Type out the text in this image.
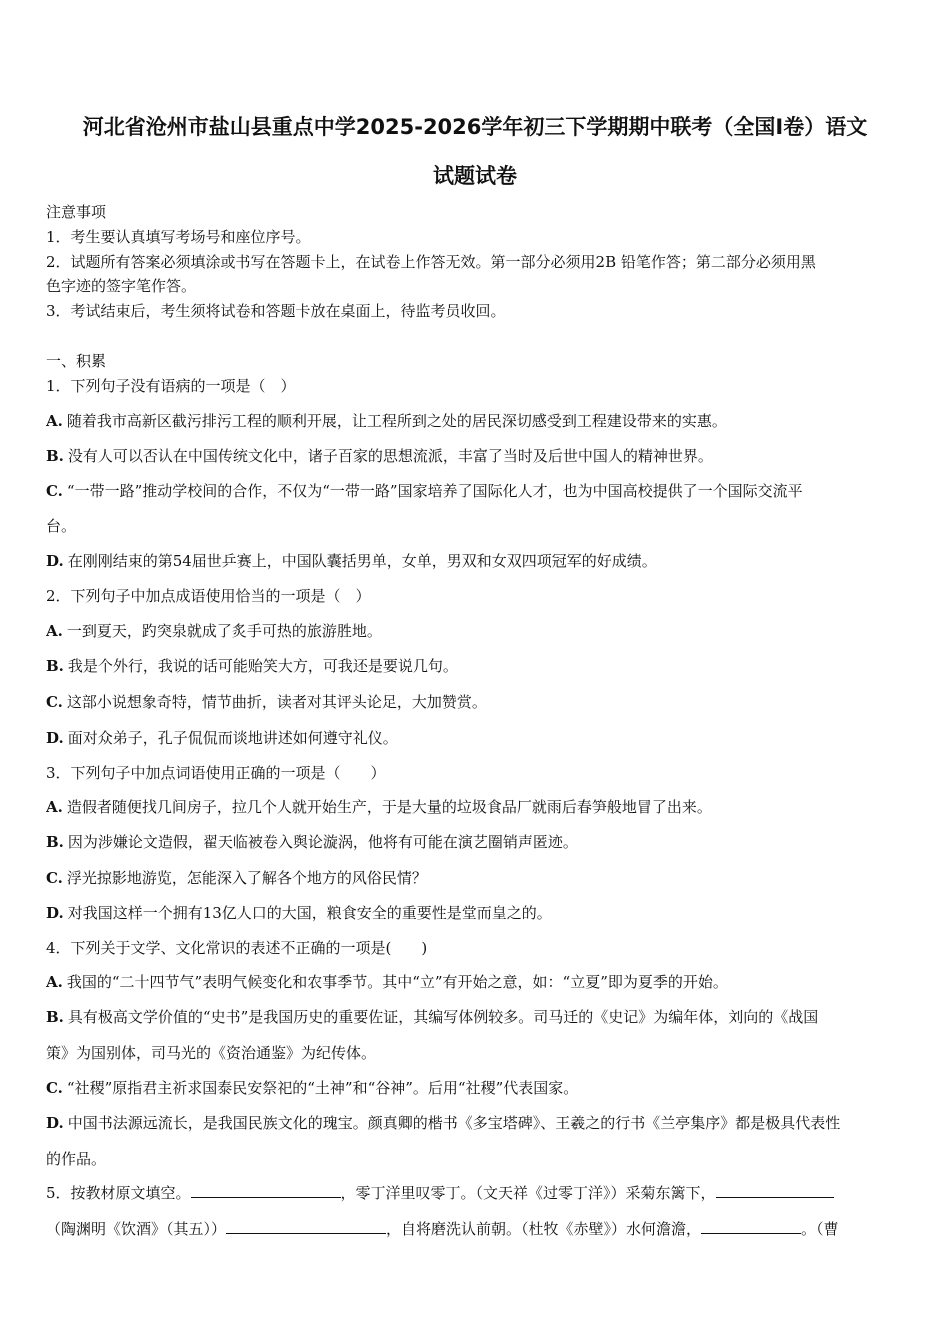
河北省沧州市盐山县重点中学2025-2026学年初三下学期期中联考（全国I卷）语文
试题试卷
注意事项
1．考生要认真填写考场号和座位序号。
2．试题所有答案必须填涂或书写在答题卡上，在试卷上作答无效。第一部分必须用2B 铅笔作答；第二部分必须用黑
色字迹的签字笔作答。
3．考试结束后，考生须将试卷和答题卡放在桌面上，待监考员收回。
一、积累
1．下列句子没有语病的一项是（　）
A. 随着我市高新区截污排污工程的顺利开展，让工程所到之处的居民深切感受到工程建设带来的实惠。
B. 没有人可以否认在中国传统文化中，诸子百家的思想流派，丰富了当时及后世中国人的精神世界。
C. “一带一路”推动学校间的合作，不仅为“一带一路”国家培养了国际化人才，也为中国高校提供了一个国际交流平
台。
D. 在刚刚结束的第54届世乒赛上，中国队囊括男单，女单，男双和女双四项冠军的好成绩。
2．下列句子中加点成语使用恰当的一项是（　）
A. 一到夏天，趵突泉就成了炙手可热的旅游胜地。
B. 我是个外行，我说的话可能贻笑大方，可我还是要说几句。
C. 这部小说想象奇特，情节曲折，读者对其评头论足，大加赞赏。
D. 面对众弟子，孔子侃侃而谈地讲述如何遵守礼仪。
3．下列句子中加点词语使用正确的一项是（　　）
A. 造假者随便找几间房子，拉几个人就开始生产，于是大量的垃圾食品厂就雨后春笋般地冒了出来。
B. 因为涉嫌论文造假，翟天临被卷入舆论漩涡，他将有可能在演艺圈销声匿迹。
C. 浮光掠影地游览，怎能深入了解各个地方的风俗民情？
D. 对我国这样一个拥有13亿人口的大国，粮食安全的重要性是堂而皇之的。
4．下列关于文学、文化常识的表述不正确的一项是(　　)
A. 我国的“二十四节气”表明气候变化和农事季节。其中“立”有开始之意，如：“立夏”即为夏季的开始。
B. 具有极高文学价值的“史书”是我国历史的重要佐证，其编写体例较多。司马迁的《史记》为编年体，刘向的《战国
策》为国别体，司马光的《资治通鉴》为纪传体。
C. “社稷”原指君主祈求国泰民安祭祀的“土神”和“谷神”。后用“社稷”代表国家。
D. 中国书法源远流长，是我国民族文化的瑰宝。颜真卿的楷书《多宝塔碑》、王羲之的行书《兰亭集序》都是极具代表性
的作品。
5．按教材原文填空。	，零丁洋里叹零丁。（文天祥《过零丁洋》）采菊东篱下，
（陶渊明《饮酒》（其五））	，自将磨洗认前朝。（杜牧《赤壁》）水何澹澹，	。（曹
